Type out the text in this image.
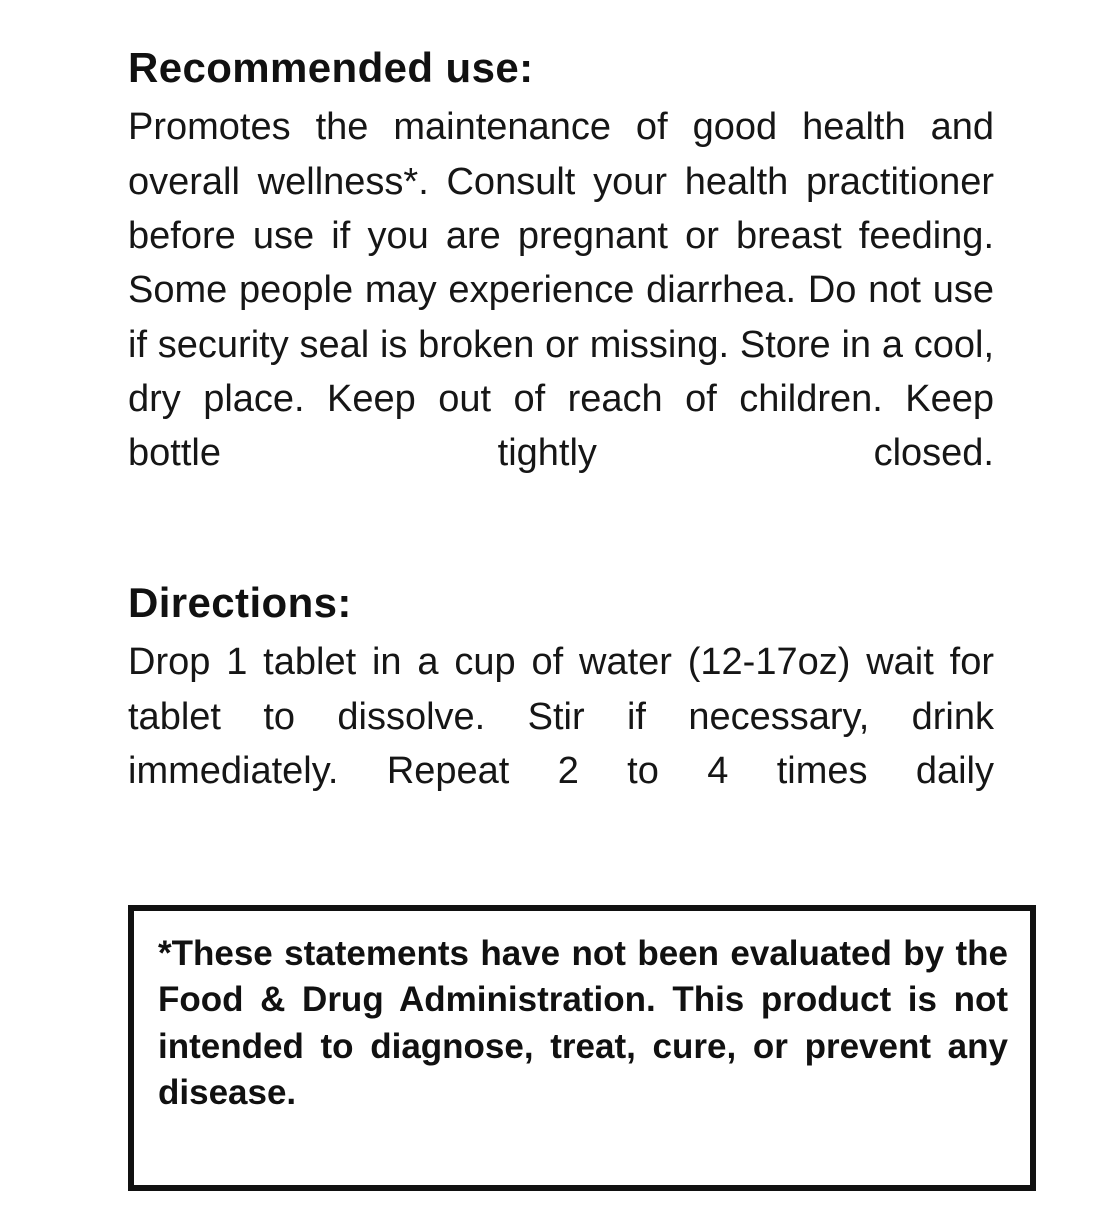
Recommended use:

Promotes the maintenance of good health and overall wellness*. Consult your health practitioner before use if you are pregnant or breast feeding. Some people may experience diarrhea. Do not use if security seal is broken or missing. Store in a cool, dry place. Keep out of reach of children. Keep bottle tightly closed.

Directions:

Drop 1 tablet in a cup of water (12-17oz) wait for tablet to dissolve. Stir if necessary, drink immediately. Repeat 2 to 4 times daily

*These statements have not been evaluated by the Food & Drug Administration. This product is not intended to diagnose, treat, cure, or prevent any disease.
